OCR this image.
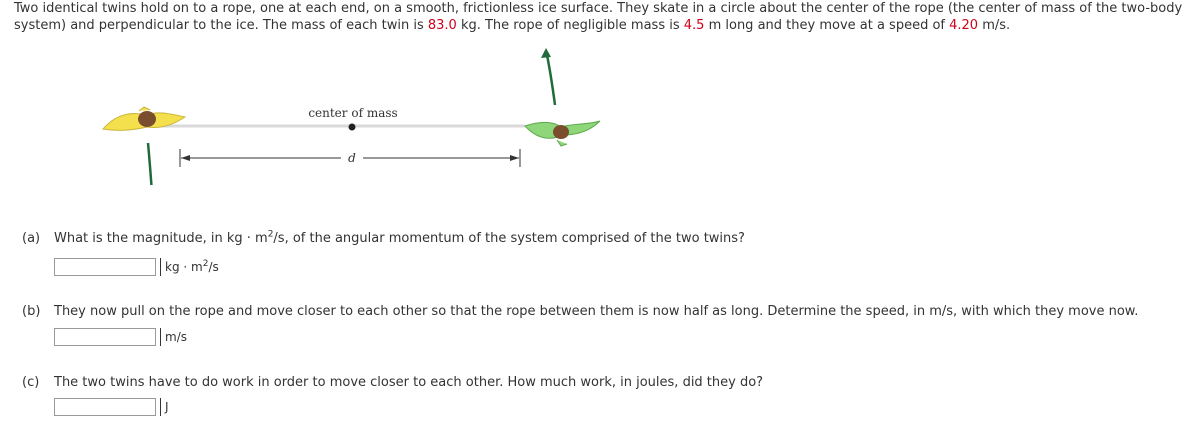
Two identical twins hold on to a rope, one at each end, on a smooth, frictionless ice surface. They skate in a circle about the center of the rope (the center of mass of the two-body system) and perpendicular to the ice. The mass of each twin is 83.0 kg. The rope of negligible mass is 4.5 m long and they move at a speed of 4.20 m/s.
center of mass
d
(a) What is the magnitude, in kg · $m^2/s$, of the angular momentum of the system comprised of the two twins?
kg · $m^2/s$
(b) They now pull on the rope and move closer to each other so that the rope between them is now half as long. Determine the speed, in m/s, with which they move now.
m/s
(c) The two twins have to do work in order to move closer to each other. How much work, in joules, did they do?
J
